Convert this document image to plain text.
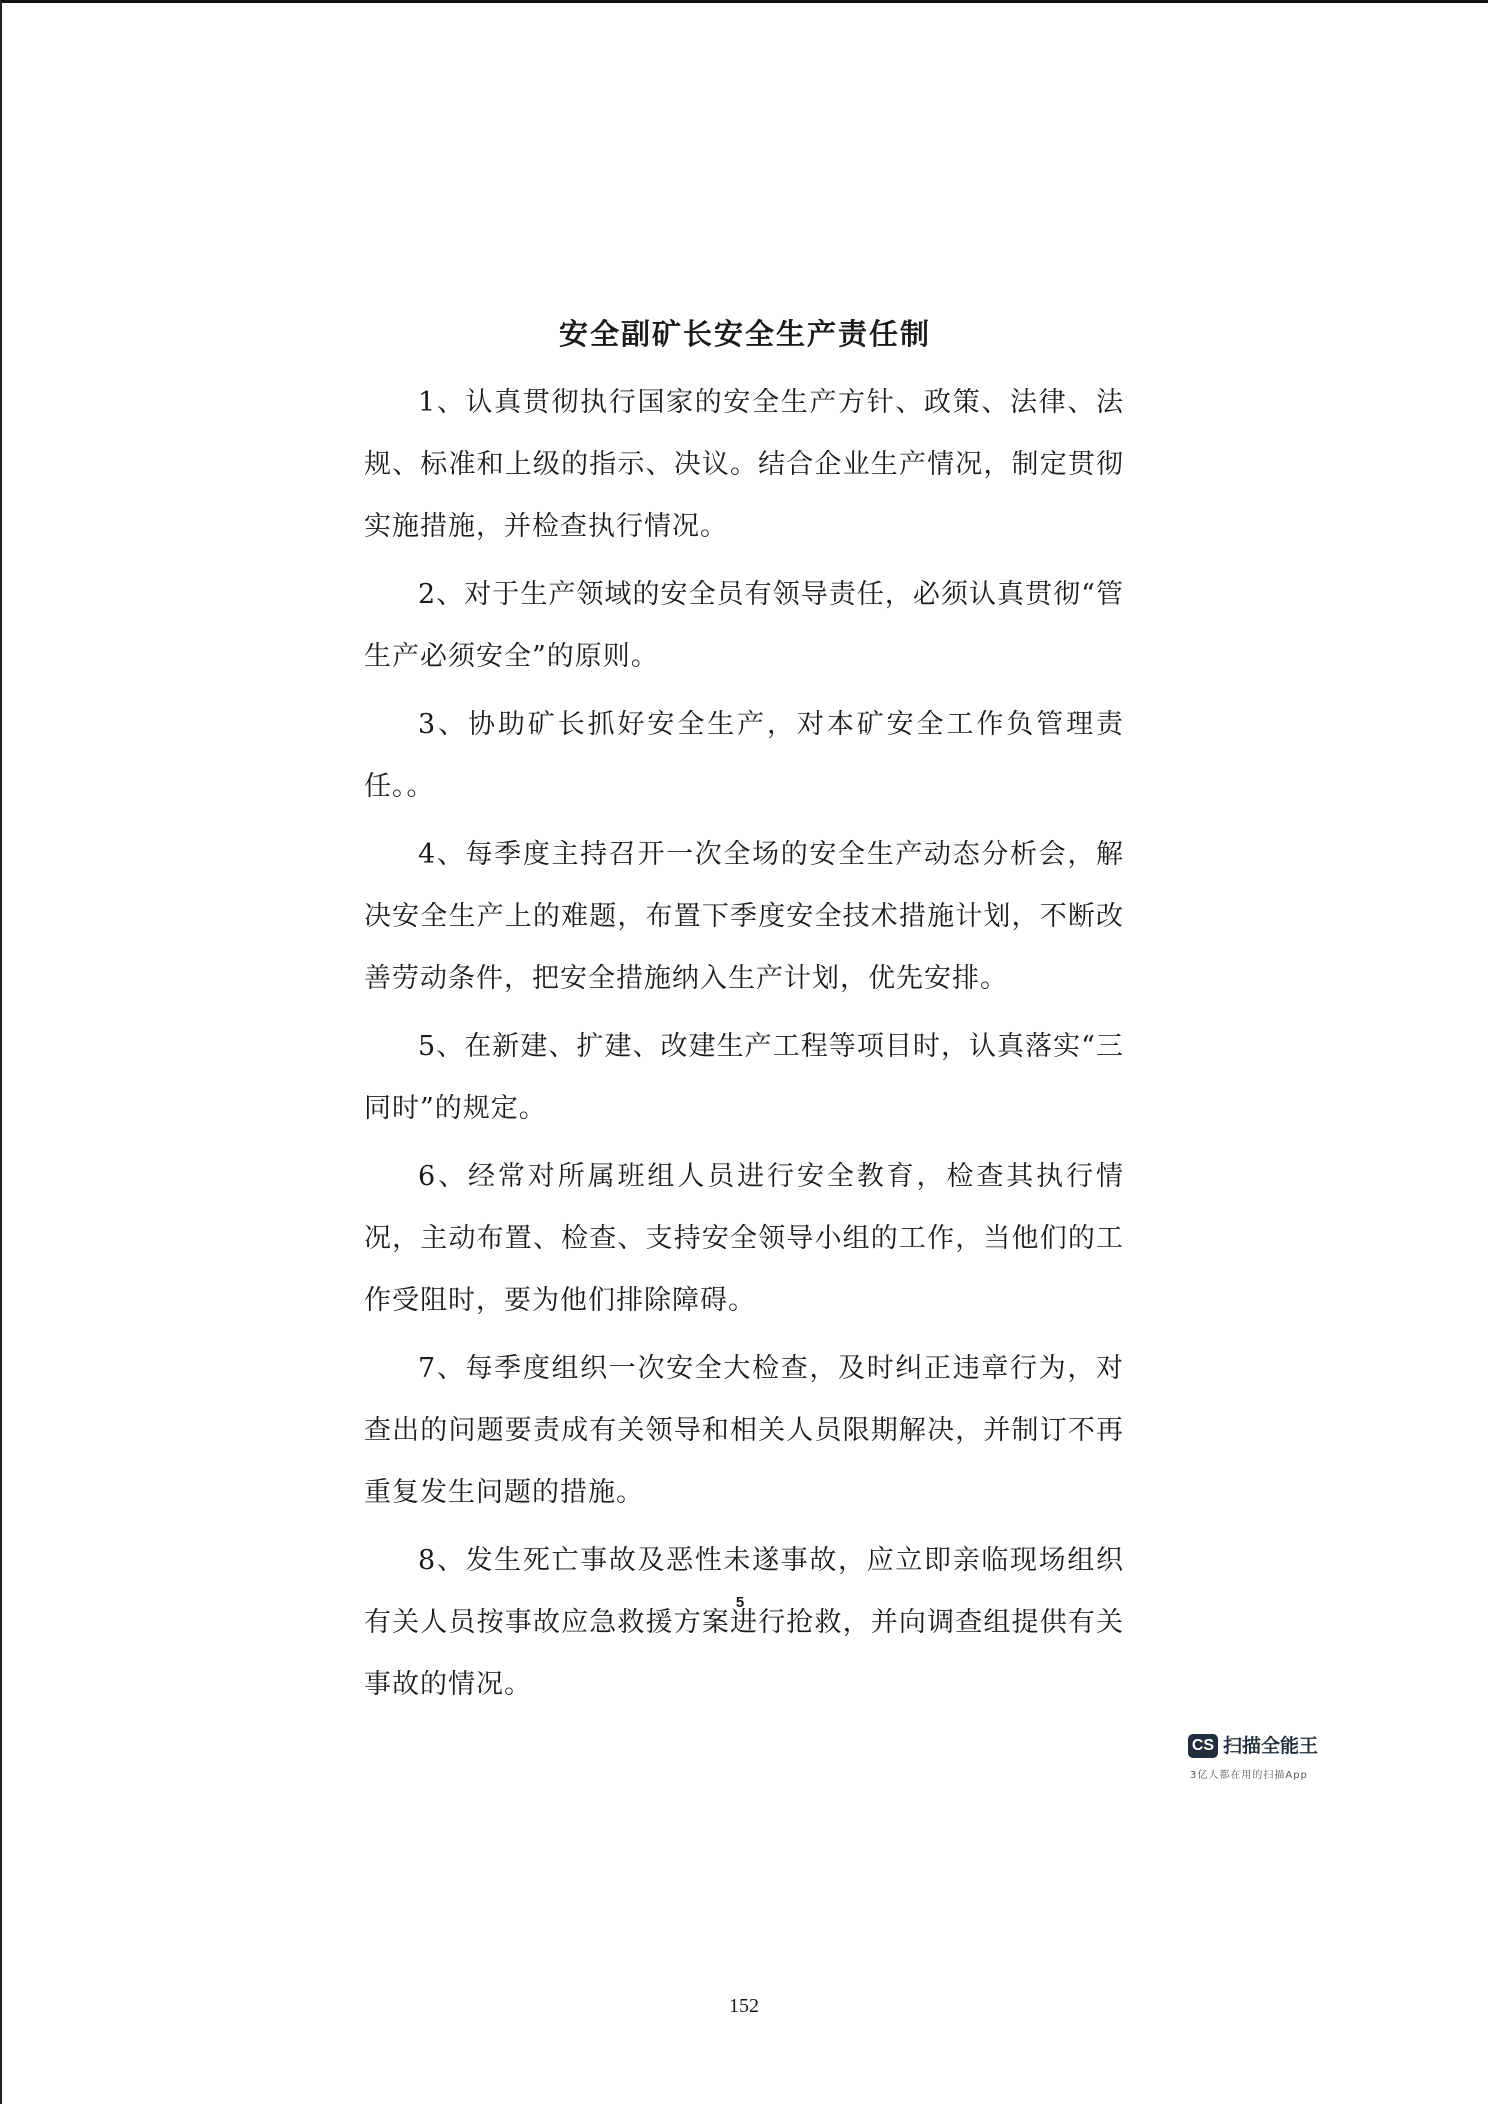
安全副矿长安全生产责任制

1、认真贯彻执行国家的安全生产方针、政策、法律、法规、标准和上级的指示、决议。结合企业生产情况，制定贯彻实施措施，并检查执行情况。

2、对于生产领域的安全员有领导责任，必须认真贯彻“管生产必须安全”的原则。

3、协助矿长抓好安全生产，对本矿安全工作负管理责任。。

4、每季度主持召开一次全场的安全生产动态分析会，解决安全生产上的难题，布置下季度安全技术措施计划，不断改善劳动条件，把安全措施纳入生产计划，优先安排。

5、在新建、扩建、改建生产工程等项目时，认真落实“三同时”的规定。

6、经常对所属班组人员进行安全教育，检查其执行情况，主动布置、检查、支持安全领导小组的工作，当他们的工作受阻时，要为他们排除障碍。

7、每季度组织一次安全大检查，及时纠正违章行为，对查出的问题要责成有关领导和相关人员限期解决，并制订不再重复发生问题的措施。

8、发生死亡事故及恶性未遂事故，应立即亲临现场组织有关人员按事故应急救援方案进行抢救，并向调查组提供有关事故的情况。

5
CS 扫描全能王
3亿人都在用的扫描App
152
